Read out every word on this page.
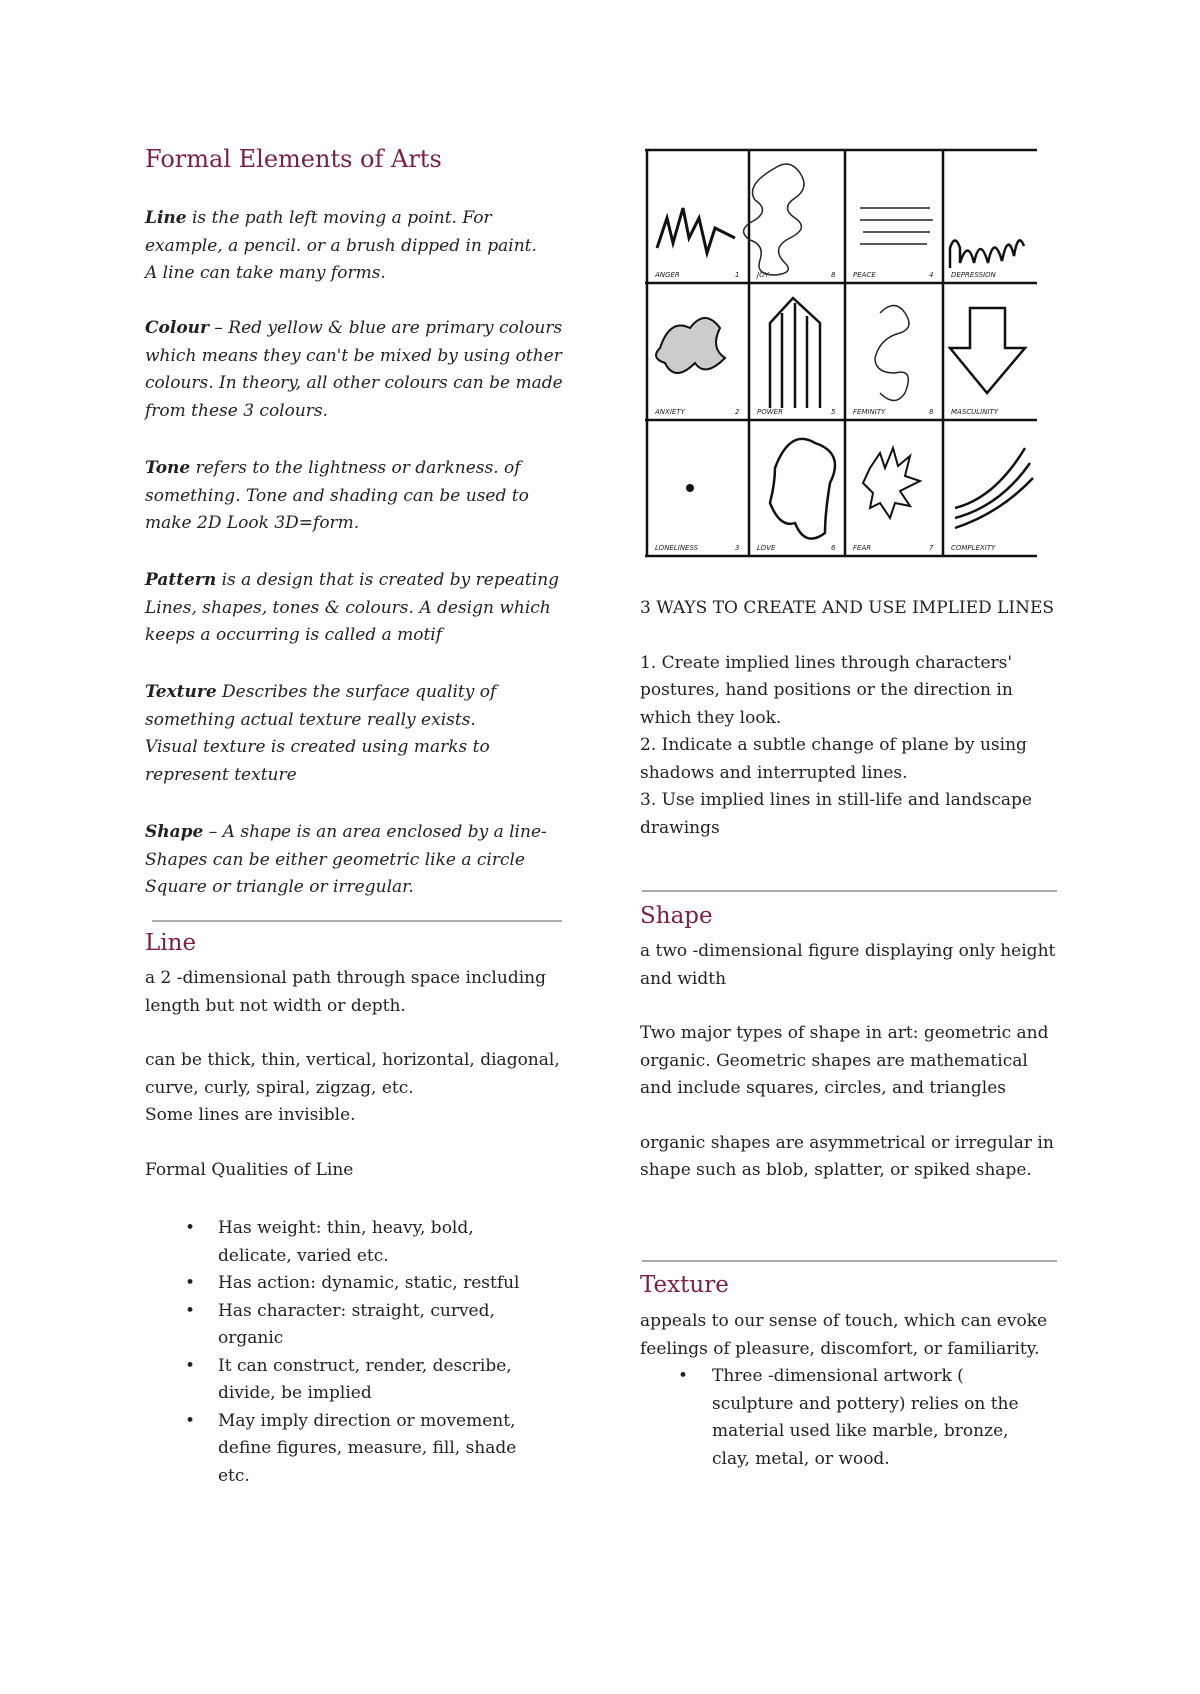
Formal Elements of Arts

Line is the path left moving a point. For example, a pencil. or a brush dipped in paint.
A line can take many forms.

Colour – Red yellow & blue are primary colours which means they can't be mixed by using other colours. In theory, all other colours can be made from these 3 colours.

Tone refers to the lightness or darkness. of something. Tone and shading can be used to make 2D Look 3D=form.

Pattern is a design that is created by repeating Lines, shapes, tones & colours. A design which keeps a occurring is called a motif

Texture Describes the surface quality of something actual texture really exists.
Visual texture is created using marks to represent texture

Shape – A shape is an area enclosed by a line-Shapes can be either geometric like a circle Square or triangle or irregular.

Line

a 2 -dimensional path through space including length but not width or depth.

can be thick, thin, vertical, horizontal, diagonal, curve, curly, spiral, zigzag, etc.
Some lines are invisible.

Formal Qualities of Line

• Has weight: thin, heavy, bold, delicate, varied etc.
• Has action: dynamic, static, restful
• Has character: straight, curved, organic
• It can construct, render, describe, divide, be implied
• May imply direction or movement, define figures, measure, fill, shade etc.
ANGER	1	JOY	8	PEACE	4	DEPRESSION
ANXIETY	2	POWER	5	FEMINITY	8	MASCULINITY
LONELINESS	3	LOVE	6	FEAR	7	COMPLEXITY

3 WAYS TO CREATE AND USE IMPLIED LINES

1. Create implied lines through characters' postures, hand positions or the direction in which they look.

2. Indicate a subtle change of plane by using shadows and interrupted lines.

3. Use implied lines in still-life and landscape drawings

Shape

a two -dimensional figure displaying only height and width

Two major types of shape in art: geometric and organic. Geometric shapes are mathematical and include squares, circles, and triangles

organic shapes are asymmetrical or irregular in shape such as blob, splatter, or spiked shape.

Texture

appeals to our sense of touch, which can evoke feelings of pleasure, discomfort, or familiarity.

• Three -dimensional artwork ( sculpture and pottery) relies on the material used like marble, bronze, clay, metal, or wood.
